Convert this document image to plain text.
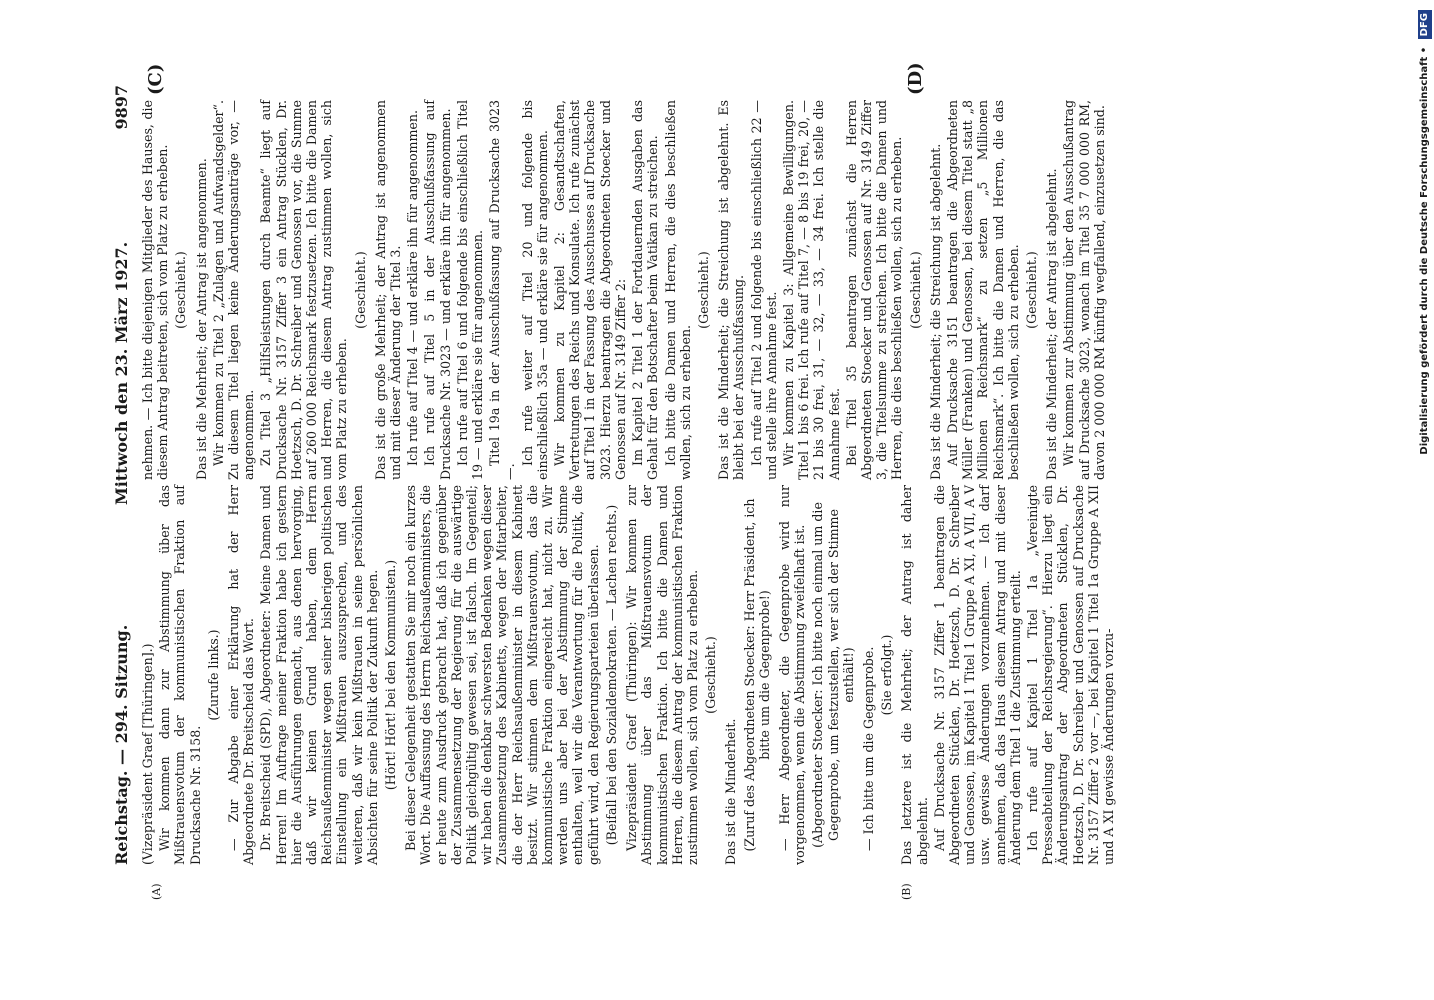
Reichstag. — 294. Sitzung.
Mittwoch den 23. März 1927.
9897
(A)	(B)
(C)	(D)

(Vizepräsident Graef [Thüringen].) Wir kommen dann zur Abstimmung über das Mißtrauensvotum der kommunistischen Fraktion auf Drucksache Nr. 3158.

(Zurufe links.) — Zur Abgabe einer Erklärung hat der Herr Abgeordnete Dr. Breitscheid das Wort. Dr. Breitscheid (SPD), Abgeordneter: Meine Damen und Herren! Im Auftrage meiner Fraktion habe ich gestern hier die Ausführungen gemacht, aus denen hervorging, daß wir keinen Grund haben, dem Herrn Reichsaußenminister wegen seiner bisherigen politischen Einstellung ein Mißtrauen auszusprechen, und des weiteren, daß wir kein Mißtrauen in seine persönlichen Absichten für seine Politik der Zukunft hegen. (Hört! Hört! bei den Kommunisten.) Bei dieser Gelegenheit gestatten Sie mir noch ein kurzes Wort. Die Auffassung des Herrn Reichsaußenministers, die er heute zum Ausdruck gebracht hat, daß ich gegenüber der Zusammensetzung der Regierung für die auswärtige Politik gleichgültig gewesen sei, ist falsch. Im Gegenteil; wir haben die denkbar schwersten Bedenken wegen dieser Zusammensetzung des Kabinetts, wegen der Mitarbeiter, die der Herr Reichsaußenminister in diesem Kabinett besitzt. Wir stimmen dem Mißtrauensvotum, das die kommunistische Fraktion eingereicht hat, nicht zu. Wir werden uns aber bei der Abstimmung der Stimme enthalten, weil wir die Verantwortung für die Politik, die geführt wird, den Regierungsparteien überlassen. (Beifall bei den Sozialdemokraten. — Lachen rechts.) Vizepräsident Graef (Thüringen): Wir kommen zur Abstimmung über das Mißtrauensvotum der kommunistischen Fraktion. Ich bitte die Damen und Herren, die diesem Antrag der kommunistischen Fraktion zustimmen wollen, sich vom Platz zu erheben. (Geschieht.)

Das ist die Minderheit. (Zuruf des Abgeordneten Stoecker: Herr Präsident, ich bitte um die Gegenprobe!) — Herr Abgeordneter, die Gegenprobe wird nur vorgenommen, wenn die Abstimmung zweifelhaft ist. (Abgeordneter Stoecker: Ich bitte noch einmal um die Gegenprobe, um festzustellen, wer sich der Stimme enthält!) — Ich bitte um die Gegenprobe. (Sie erfolgt.) Das letztere ist die Mehrheit; der Antrag ist daher abgelehnt. Auf Drucksache Nr. 3157 Ziffer 1 beantragen die Abgeordneten Stücklen, Dr. Hoetzsch, D. Dr. Schreiber und Genossen, im Kapitel 1 Titel 1 Gruppe A XI, A VII, A V usw. gewisse Änderungen vorzunehmen. — Ich darf annehmen, daß das Haus diesem Antrag und mit dieser Änderung dem Titel 1 die Zustimmung erteilt. Ich rufe auf Kapitel 1 Titel 1a „Vereinigte Presseabteilung der Reichsregierung“. Hierzu liegt ein Änderungsantrag der Abgeordneten Stücklen, Dr. Hoetzsch, D. Dr. Schreiber und Genossen auf Drucksache Nr. 3157 Ziffer 2 vor —, bei Kapitel 1 Titel 1a Gruppe A XII und A XI gewisse Änderungen vorzu-

nehmen. — Ich bitte diejenigen Mitglieder des Hauses, die diesem Antrag beitreten, sich vom Platz zu erheben. (Geschieht.) Das ist die Mehrheit; der Antrag ist angenommen. Wir kommen zu Titel 2 „Zulagen und Aufwandsgelder“. Zu diesem Titel liegen keine Änderungsanträge vor, — angenommen. Zu Titel 3 „Hilfsleistungen durch Beamte“ liegt auf Drucksache Nr. 3157 Ziffer 3 ein Antrag Stücklen, Dr. Hoetzsch, D. Dr. Schreiber und Genossen vor, die Summe auf 260 000 Reichsmark festzusetzen. Ich bitte die Damen und Herren, die diesem Antrag zustimmen wollen, sich vom Platz zu erheben.

(Geschieht.) Das ist die große Mehrheit; der Antrag ist angenommen und mit dieser Änderung der Titel 3. Ich rufe auf Titel 4 — und erkläre ihn für angenommen. Ich rufe auf Titel 5 in der Ausschußfassung auf Drucksache Nr. 3023 — und erkläre ihn für angenommen. Ich rufe auf Titel 6 und folgende bis einschließlich Titel 19 — und erkläre sie für angenommen. Titel 19a in der Ausschußfassung auf Drucksache 3023 —.

Ich rufe weiter auf Titel 20 und folgende bis einschließlich 35a — und erkläre sie für angenommen. Wir kommen zu Kapitel 2: Gesandtschaften, Vertretungen des Reichs und Konsulate. Ich rufe zunächst auf Titel 1 in der Fassung des Ausschusses auf Drucksache 3023. Hierzu beantragen die Abgeordneten Stoecker und Genossen auf Nr. 3149 Ziffer 2: Im Kapitel 2 Titel 1 der Fortdauernden Ausgaben das Gehalt für den Botschafter beim Vatikan zu streichen. Ich bitte die Damen und Herren, die dies beschließen wollen, sich zu erheben.

(Geschieht.) Das ist die Minderheit; die Streichung ist abgelehnt. Es bleibt bei der Ausschußfassung. Ich rufe auf Titel 2 und folgende bis einschließlich 22 — und stelle ihre Annahme fest. Wir kommen zu Kapitel 3: Allgemeine Bewilligungen. Titel 1 bis 6 frei. Ich rufe auf Titel 7, — 8 bis 19 frei, 20, — 21 bis 30 frei, 31, — 32, — 33, — 34 frei. Ich stelle die Annahme fest. Bei Titel 35 beantragen zunächst die Herren Abgeordneten Stoecker und Genossen auf Nr. 3149 Ziffer 3, die Titelsumme zu streichen. Ich bitte die Damen und Herren, die dies beschließen wollen, sich zu erheben. (Geschieht.) Das ist die Minderheit; die Streichung ist abgelehnt. Auf Drucksache 3151 beantragen die Abgeordneten Müller (Franken) und Genossen, bei diesem Titel statt „8 Millionen Reichsmark“ zu setzen „5 Millionen Reichsmark“. Ich bitte die Damen und Herren, die das beschließen wollen, sich zu erheben. (Geschieht.) Das ist die Minderheit; der Antrag ist abgelehnt. Wir kommen zur Abstimmung über den Ausschußantrag auf Drucksache 3023, wonach im Titel 35 7 000 000 RM, davon 2 000 000 RM künftig wegfallend, einzusetzen sind.	Digitalisierung gefördert durch die Deutsche Forschungsgemeinschaft • DFG
